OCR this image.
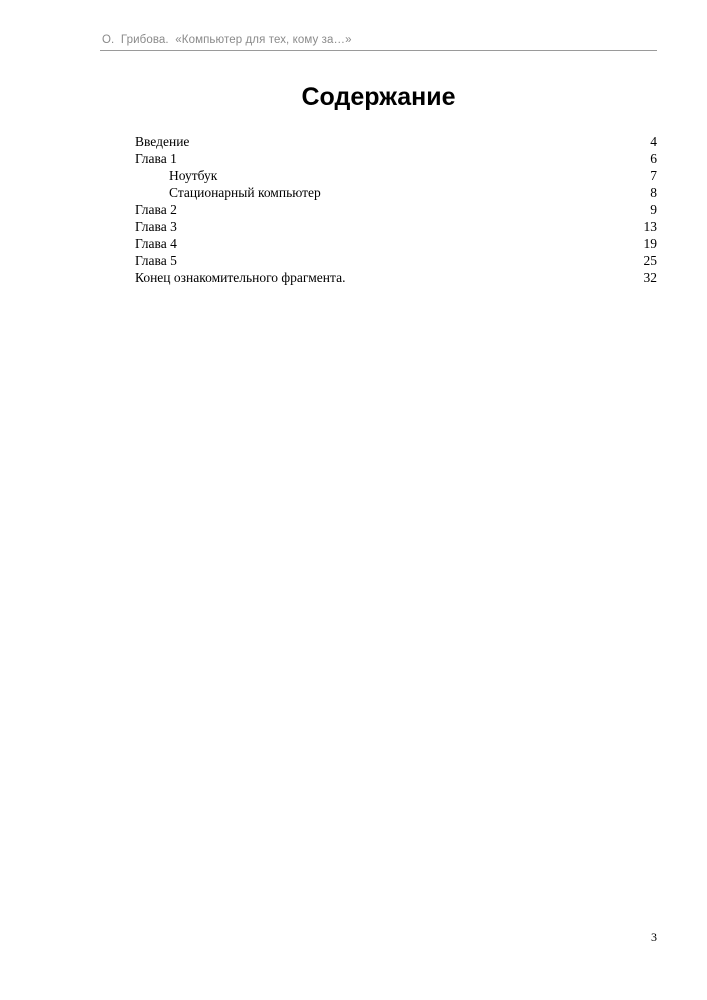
О.  Грибова.  «Компьютер для тех, кому за…»
Содержание
Введение	4
Глава 1	6
Ноутбук	7
Стационарный компьютер	8
Глава 2	9
Глава 3	13
Глава 4	19
Глава 5	25
Конец ознакомительного фрагмента.	32
3
